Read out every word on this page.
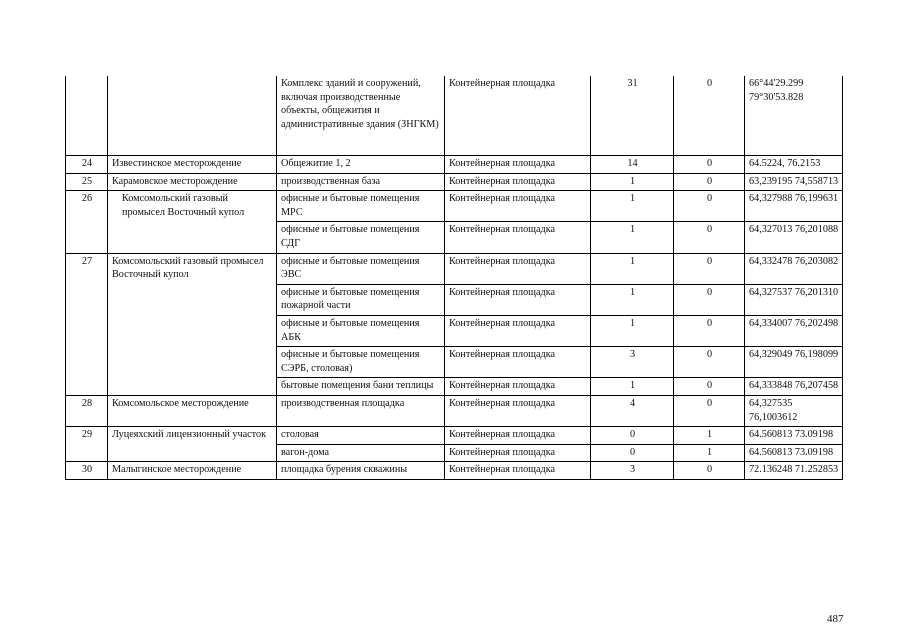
		Комплекс зданий и сооружений, включая производственные объекты, общежития и административные здания (ЗНГКМ)	Контейнерная площадка	31	0	66°44'29.299 79°30'53.828
24	Известинское месторождение	Общежитие 1, 2	Контейнерная площадка	14	0	64.5224, 76.2153
25	Карамовское месторождение	производственная база	Контейнерная площадка	1	0	63,239195 74,558713
26	Комсомольский газовый промысел Восточный купол	офисные и бытовые помещения МРС	Контейнерная площадка	1	0	64,327988 76,199631
		офисные и бытовые помещения СДГ	Контейнерная площадка	1	0	64,327013 76,201088
27	Комсомольский газовый промысел Восточный купол	офисные и бытовые помещения ЭВС	Контейнерная площадка	1	0	64,332478 76,203082
		офисные и бытовые помещения пожарной части	Контейнерная площадка	1	0	64,327537 76,201310
		офисные и бытовые помещения АБК	Контейнерная площадка	1	0	64,334007 76,202498
		офисные и бытовые помещения СЭРБ, столовая)	Контейнерная площадка	3	0	64,329049 76,198099
		бытовые помещения бани теплицы	Контейнерная площадка	1	0	64,333848 76,207458
28	Комсомольское месторождение	производственная площадка	Контейнерная площадка	4	0	64,327535 76,1003612
29	Луцеяхский лицензионный участок	столовая	Контейнерная площадка	0	1	64.560813 73.09198
		вагон-дома	Контейнерная площадка	0	1	64.560813 73.09198
30	Малыгинское месторождение	площадка бурения скважины	Контейнерная площадка	3	0	72.136248 71.252853
487
